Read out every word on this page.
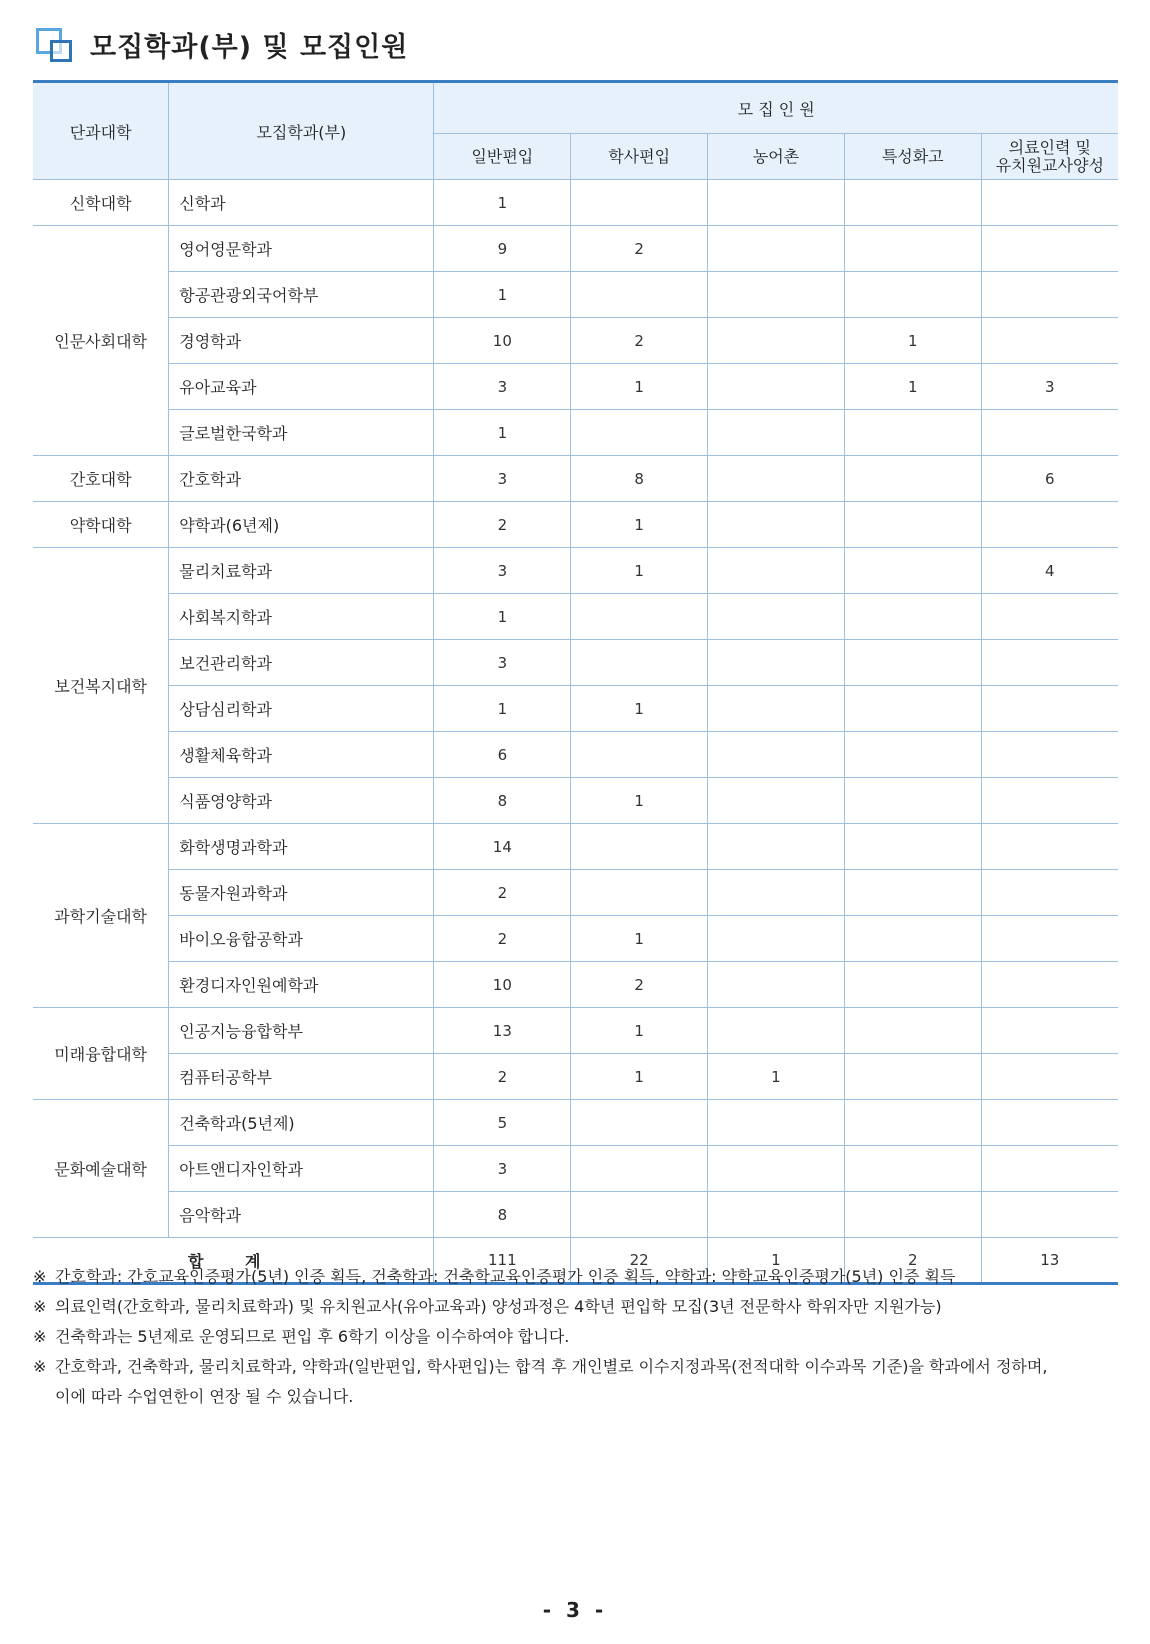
모집학과(부) 및 모집인원
단과대학	모집학과(부)	모 집 인 원				
		일반편입	학사편입	농어촌	특성화고	의료인력 및
유치원교사양성
신학대학	신학과	1				
인문사회대학	영어영문학과	9	2			
	항공관광외국어학부	1				
	경영학과	10	2		1	
	유아교육과	3	1		1	3
	글로벌한국학과	1				
간호대학	간호학과	3	8			6
약학대학	약학과(6년제)	2	1			
보건복지대학	물리치료학과	3	1			4
	사회복지학과	1				
	보건관리학과	3				
	상담심리학과	1	1			
	생활체육학과	6				
	식품영양학과	8	1			
과학기술대학	화학생명과학과	14				
	동물자원과학과	2				
	바이오융합공학과	2	1			
	환경디자인원예학과	10	2			
미래융합대학	인공지능융합학부	13	1			
	컴퓨터공학부	2	1	1		
문화예술대학	건축학과(5년제)	5				
	아트앤디자인학과	3				
	음악학과	8				
합 계		111	22	1	2	13
※ 간호학과: 간호교육인증평가(5년) 인증 획득, 건축학과: 건축학교육인증평가 인증 획득, 약학과: 약학교육인증평가(5년) 인증 획득
※ 의료인력(간호학과, 물리치료학과) 및 유치원교사(유아교육과) 양성과정은 4학년 편입학 모집(3년 전문학사 학위자만 지원가능)
※ 건축학과는 5년제로 운영되므로 편입 후 6학기 이상을 이수하여야 합니다.
※ 간호학과, 건축학과, 물리치료학과, 약학과(일반편입, 학사편입)는 합격 후 개인별로 이수지정과목(전적대학 이수과목 기준)을 학과에서 정하며,
이에 따라 수업연한이 연장 될 수 있습니다.
- 3 -
